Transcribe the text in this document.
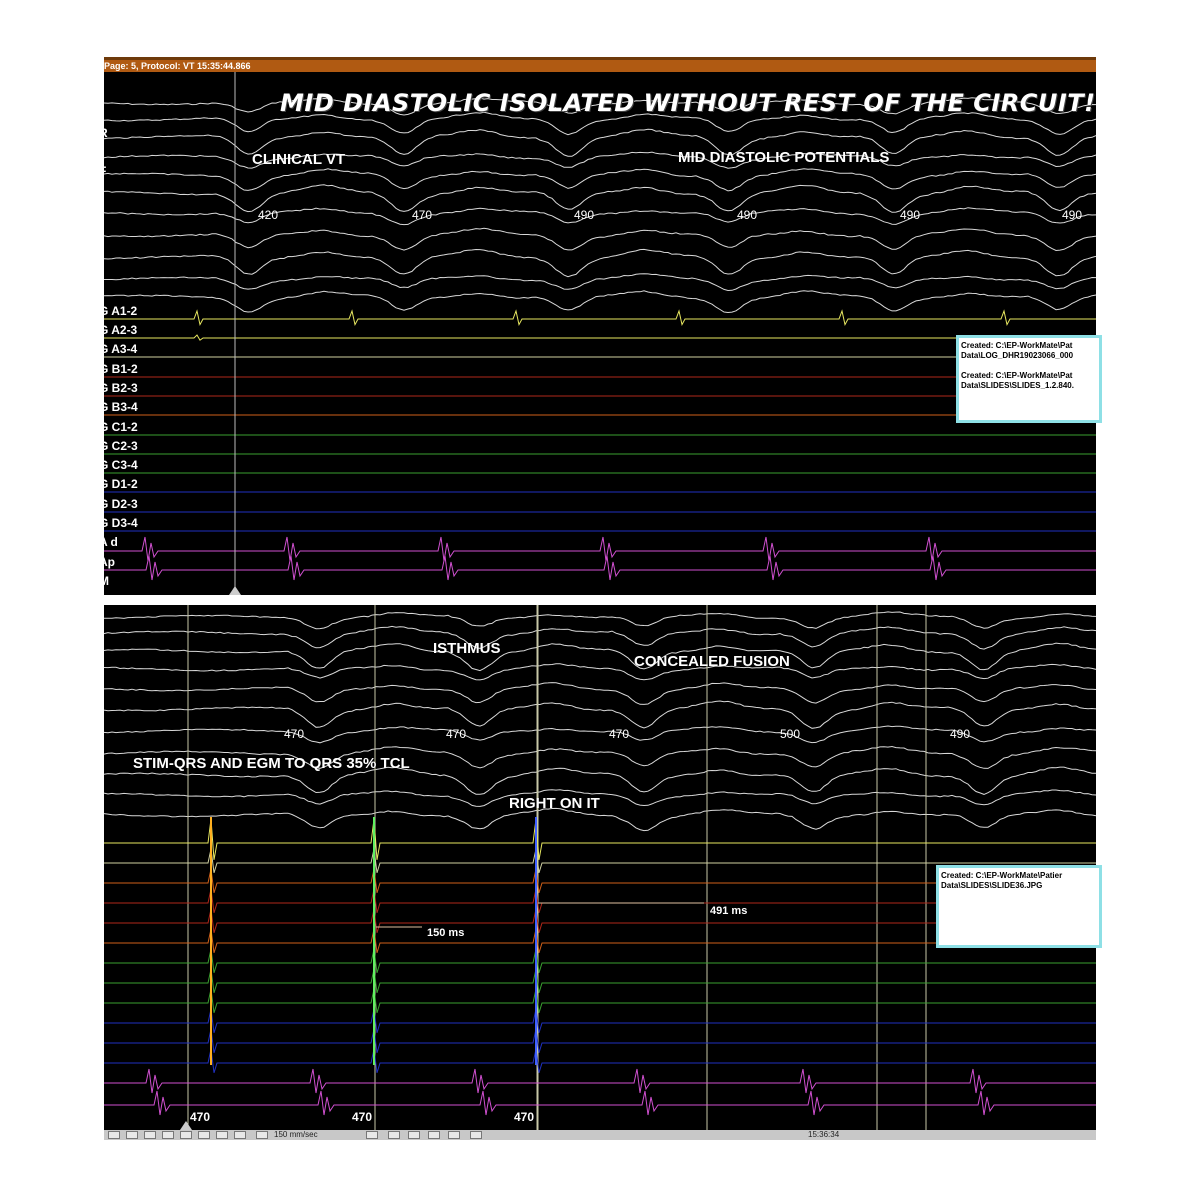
Page: 5, Protocol: VT 15:35:44.866
MID DIASTOLIC ISOLATED WITHOUT REST OF THE CIRCUIT!
CLINICAL VT	MID DIASTOLIC POTENTIALS
420	470	490	490	490	490
R
F
G A1-2
G A2-3
G A3-4
G B1-2
G B2-3
G B3-4
G C1-2
G C2-3
G C3-4
G D1-2
G D2-3
G D3-4
A d
Ap
M

Created: C:\EP-WorkMate\Pat

Data\LOG_DHR19023066_000

Created: C:\EP-WorkMate\Pat

Data\SLIDES\SLIDES_1.2.840.

ISTHMUS
CONCEALED FUSION
STIM-QRS AND EGM TO QRS 35% TCL
RIGHT ON IT
470	470	470	500	490
150 ms
491 ms

Created: C:\EP-WorkMate\Patier

Data\SLIDES\SLIDE36.JPG

470	470	470
150 mm/sec	15:36:34
